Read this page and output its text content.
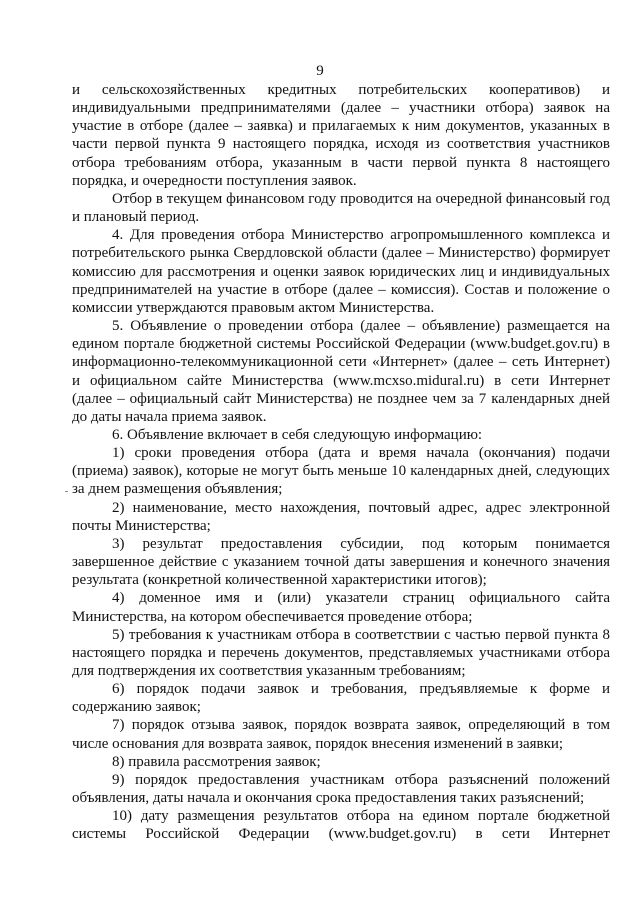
9

и сельскохозяйственных кредитных потребительских кооперативов) и индивидуальными предпринимателями (далее – участники отбора) заявок на участие в отборе (далее – заявка) и прилагаемых к ним документов, указанных в части первой пункта 9 настоящего порядка, исходя из соответствия участников отбора требованиям отбора, указанным в части первой пункта 8 настоящего порядка, и очередности поступления заявок.

Отбор в текущем финансовом году проводится на очередной финансовый год и плановый период.

4. Для проведения отбора Министерство агропромышленного комплекса и потребительского рынка Свердловской области (далее – Министерство) формирует комиссию для рассмотрения и оценки заявок юридических лиц и индивидуальных предпринимателей на участие в отборе (далее – комиссия). Состав и положение о комиссии утверждаются правовым актом Министерства.

5. Объявление о проведении отбора (далее – объявление) размещается на едином портале бюджетной системы Российской Федерации (www.budget.gov.ru) в информационно-телекоммуникационной сети «Интернет» (далее – сеть Интернет) и официальном сайте Министерства (www.mcxso.midural.ru) в сети Интернет (далее – официальный сайт Министерства) не позднее чем за 7 календарных дней до даты начала приема заявок.

6. Объявление включает в себя следующую информацию:

1) сроки проведения отбора (дата и время начала (окончания) подачи (приема) заявок), которые не могут быть меньше 10 календарных дней, следующих за днем размещения объявления;

2) наименование, место нахождения, почтовый адрес, адрес электронной почты Министерства;

3) результат предоставления субсидии, под которым понимается завершенное действие с указанием точной даты завершения и конечного значения результата (конкретной количественной характеристики итогов);

4) доменное имя и (или) указатели страниц официального сайта Министерства, на котором обеспечивается проведение отбора;

5) требования к участникам отбора в соответствии с частью первой пункта 8 настоящего порядка и перечень документов, представляемых участниками отбора для подтверждения их соответствия указанным требованиям;

6) порядок подачи заявок и требования, предъявляемые к форме и содержанию заявок;

7) порядок отзыва заявок, порядок возврата заявок, определяющий в том числе основания для возврата заявок, порядок внесения изменений в заявки;

8) правила рассмотрения заявок;

9) порядок предоставления участникам отбора разъяснений положений объявления, даты начала и окончания срока предоставления таких разъяснений;

10) дату размещения результатов отбора на едином портале бюджетной системы Российской Федерации (www.budget.gov.ru) в сети Интернет
